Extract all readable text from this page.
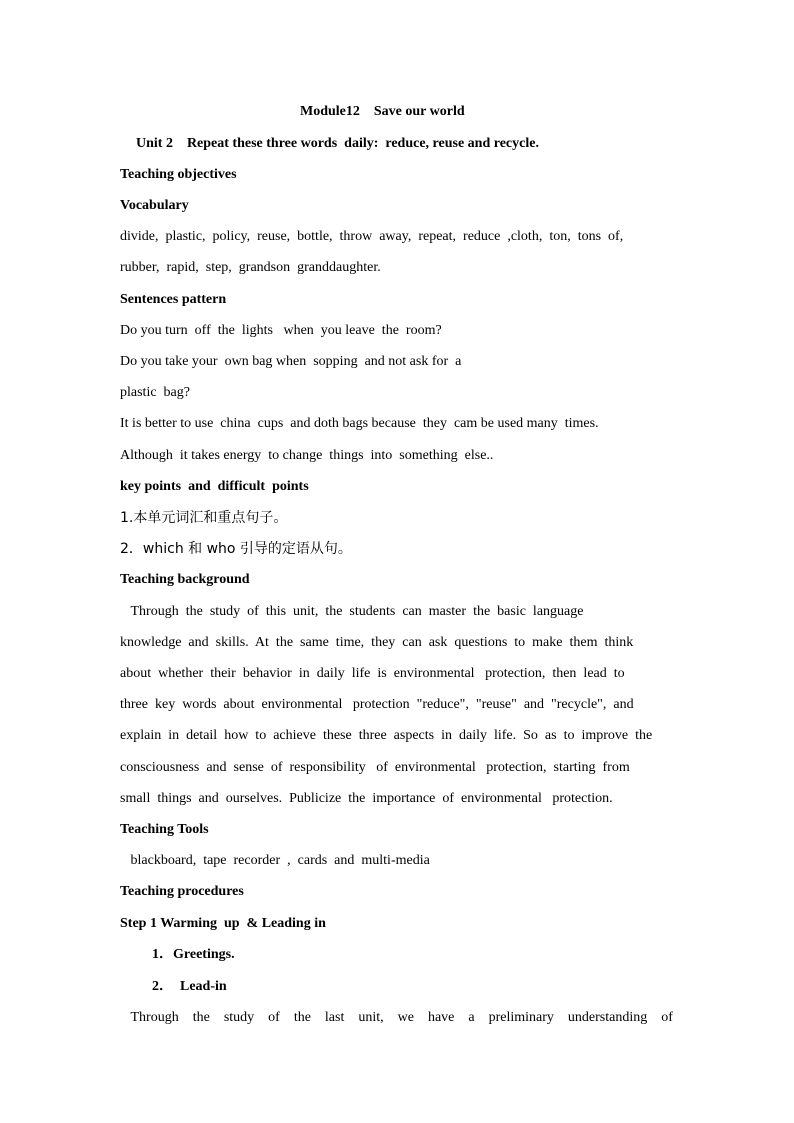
Module12    Save our world
Unit 2    Repeat these three words  daily:  reduce, reuse and recycle.
Teaching objectives
Vocabulary
divide,  plastic,  policy,  reuse,  bottle,  throw  away,  repeat,  reduce  ,cloth,  ton,  tons  of,
rubber,  rapid,  step,  grandson  granddaughter.
Sentences pattern
Do you turn  off  the  lights   when  you leave  the  room?
Do you take your  own bag when  sopping  and not ask for  a
plastic  bag?
It is better to use  china  cups  and doth bags because  they  cam be used many  times.
Although  it takes energy  to change  things  into  something  else..
key points  and  difficult  points
1.本单元词汇和重点句子。
2．which 和 who 引导的定语从句。
Teaching background
Through  the  study  of  this  unit,  the  students  can  master  the  basic  language
knowledge  and  skills.  At  the  same  time,  they  can  ask  questions  to  make  them  think
about  whether  their  behavior  in  daily  life  is  environmental   protection,  then  lead  to
three  key  words  about  environmental   protection  "reduce",  "reuse"  and  "recycle",  and
explain  in  detail  how  to  achieve  these  three  aspects  in  daily  life.  So  as  to  improve  the
consciousness  and  sense  of  responsibility   of  environmental   protection,  starting  from
small  things  and  ourselves.  Publicize  the  importance  of  environmental   protection.
Teaching Tools
blackboard,  tape  recorder  ,  cards  and  multi-media
Teaching procedures
Step 1 Warming  up  & Leading in
1．Greetings.
2．  Lead-in
Through    the    study    of    the    last    unit,    we    have    a    preliminary    understanding    of
